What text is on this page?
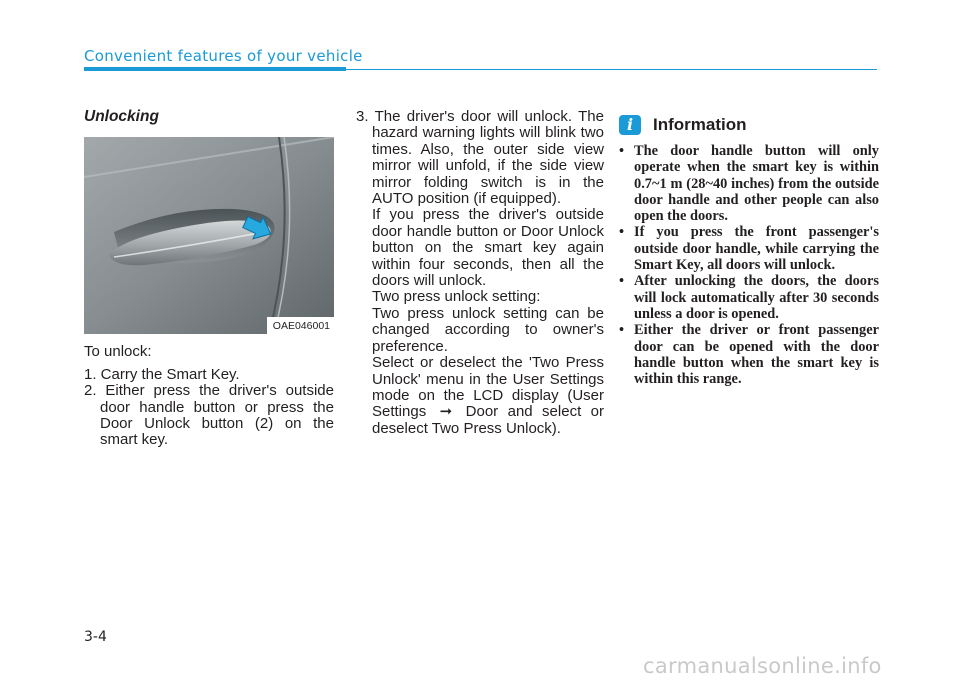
Convenient features of your vehicle
Unlocking
OAE046001

To unlock:

1. Carry the Smart Key.

2. Either press the driver's outside door handle button or press the Door Unlock button (2) on the smart key.

3. The driver's door will unlock. The hazard warning lights will blink two times. Also, the outer side view mirror will unfold, if the side view mirror folding switch is in the AUTO position (if equipped).

If you press the driver's outside door handle button or Door Unlock button on the smart key again within four seconds, then all the doors will unlock.

Two press unlock setting:

Two press unlock setting can be changed according to owner's preference.

Select or deselect the 'Two Press Unlock' menu in the User Settings mode on the LCD display (User Settings ➞ Door and select or deselect Two Press Unlock).

i	Information
• The door handle button will only operate when the smart key is within 0.7~1 m (28~40 inches) from the outside door handle and other people can also open the doors.
• If you press the front passenger's outside door handle, while carrying the Smart Key, all doors will unlock.
• After unlocking the doors, the doors will lock automatically after 30 seconds unless a door is opened.
• Either the driver or front passenger door can be opened with the door handle button when the smart key is within this range.
3-4
carmanualsonline.info
